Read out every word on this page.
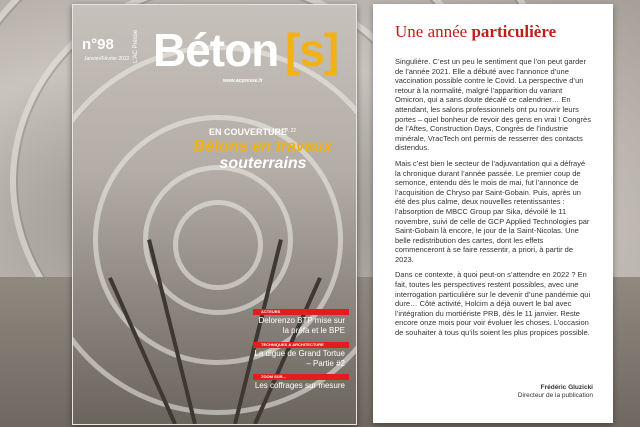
n°98
Janvier/Février 2022 L'AC Presse Béton [s]
www.acpresse.fr
EN COUVERTURE
P. 22
Bétons en travaux
souterrains
ACTEURS
Delorenzo BTP mise sur la préfa et le BPE
TECHNIQUES & ARCHITECTURE
La digue de Grand Tortue – Partie #2
ZOOM SUR...
Les coffrages sur mesure
Une année particulière

Singulière. C’est un peu le sentiment que l’on peut garder de l’année 2021. Elle a débuté avec l’annonce d’une vaccination possible contre le Covid. La perspective d’un retour à la normalité, malgré l’apparition du variant Omicron, qui a sans doute décalé ce calendrier… En attendant, les salons professionnels ont pu rouvrir leurs portes – quel bonheur de revoir des gens en vrai ! Congrès de l’Aftes, Construction Days, Congrès de l’industrie minérale, VracTech ont permis de resserrer des contacts distendus.

Mais c’est bien le secteur de l’adjuvantation qui a défrayé la chronique durant l’année passée. Le premier coup de semonce, entendu dès le mois de mai, fut l’annonce de l’acquisition de Chryso par Saint-Gobain. Puis, après un été des plus calme, deux nouvelles retentissantes : l’absorption de MBCC Group par Sika, dévoilé le 11 novembre, suivi de celle de GCP Applied Technologies par Saint-Gobain là encore, le jour de la Saint-Nicolas. Une belle redistribution des cartes, dont les effets commenceront à se faire ressentir, a priori, à partir de 2023.

Dans ce contexte, à quoi peut-on s’attendre en 2022 ? En fait, toutes les perspectives restent possibles, avec une interrogation particulière sur le devenir d’une pandémie qui dure… Côté activité, Holcim a déjà ouvert le bal avec l’intégration du mortiériste PRB, dès le 11 janvier. Reste encore onze mois pour voir évoluer les choses. L’occasion de souhaiter à tous qu’ils soient les plus propices possible.

Frédéric Gluzicki
Directeur de la publication
